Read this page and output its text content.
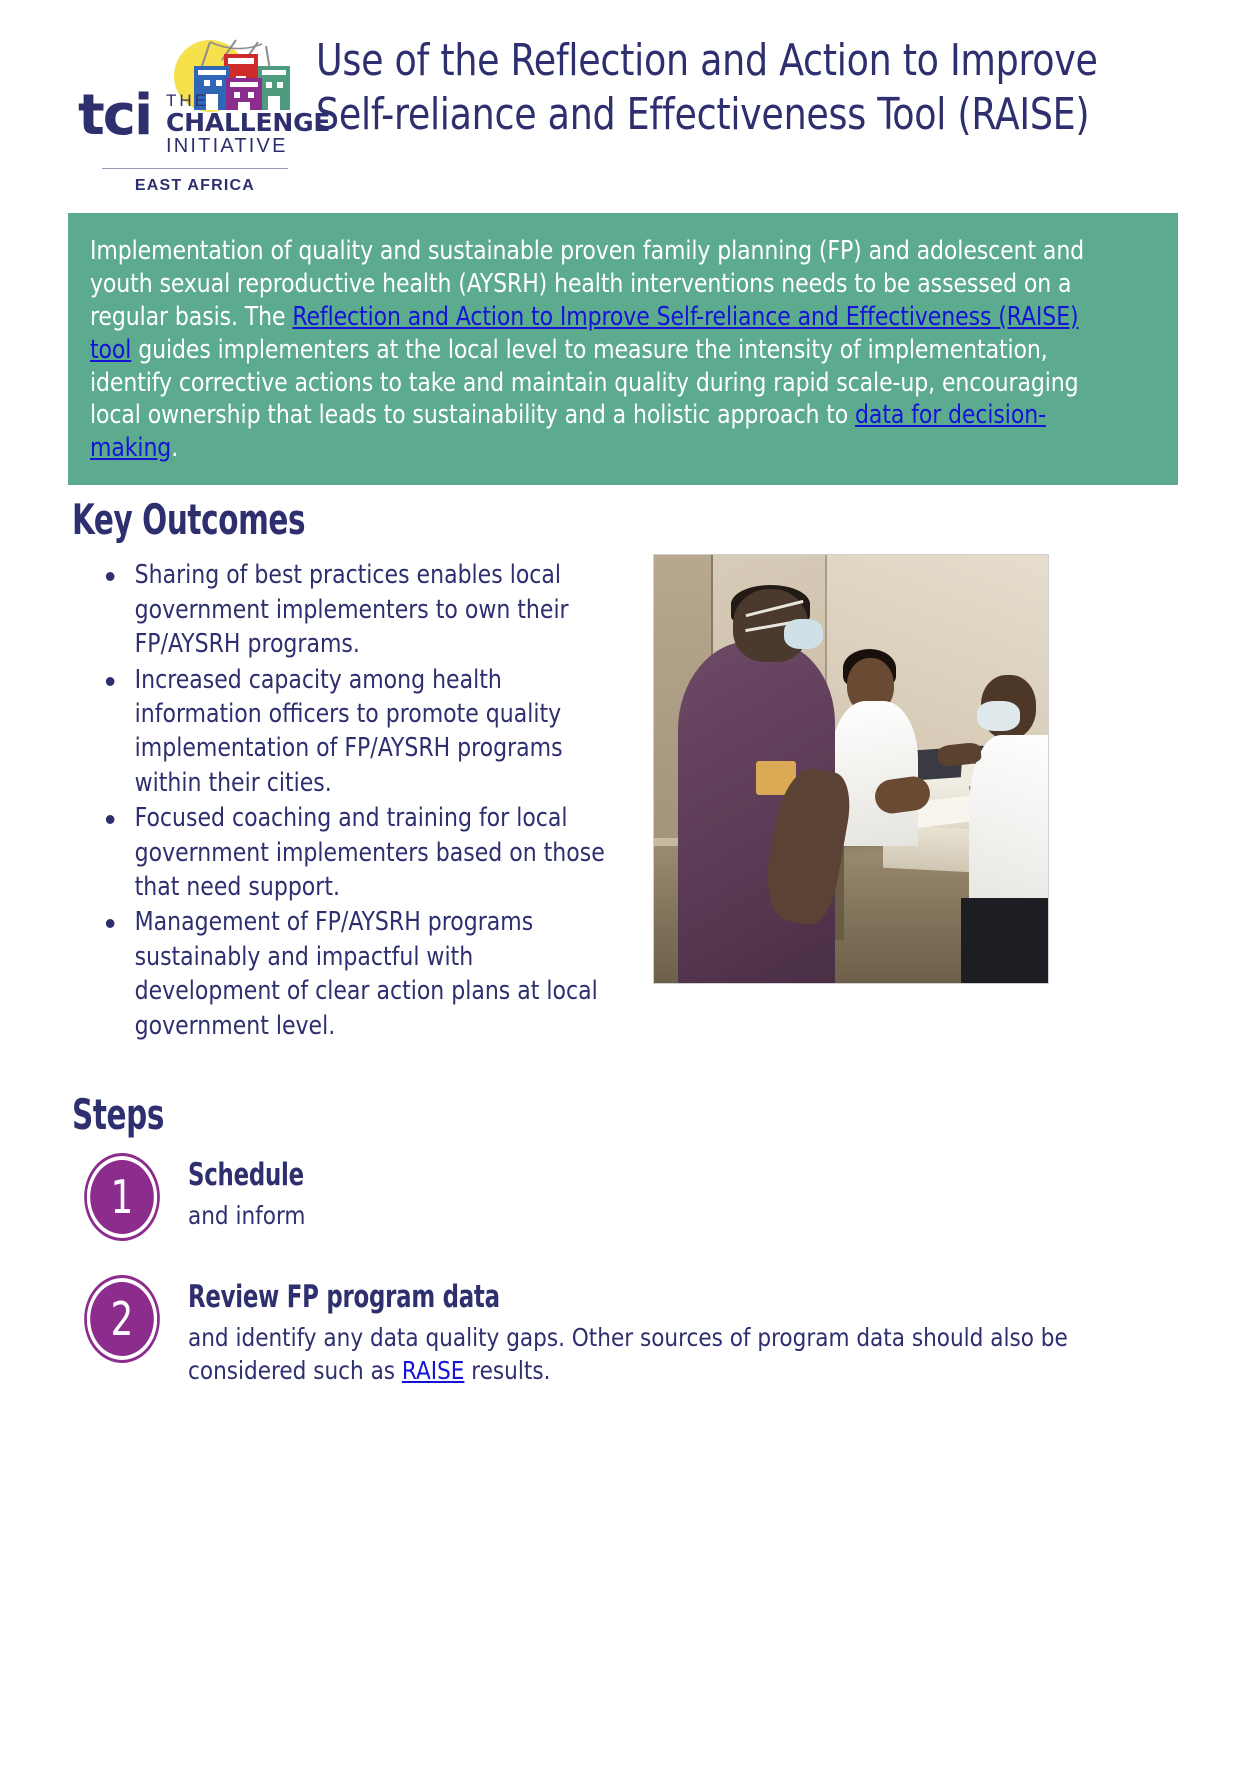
tci THE
CHALLENGE
INITIATIVE
EAST AFRICA
Use of the Reflection and Action to Improve Self-reliance and Effectiveness Tool (RAISE)

Implementation of quality and sustainable proven family planning (FP) and adolescent and youth sexual reproductive health (AYSRH) health interventions needs to be assessed on a regular basis. The Reflection and Action to Improve Self-reliance and Effectiveness (RAISE) tool guides implementers at the local level to measure the intensity of implementation, identify corrective actions to take and maintain quality during rapid scale-up, encouraging local ownership that leads to sustainability and a holistic approach to data for decision-making.

Key Outcomes
Sharing of best practices enables local government implementers to own their FP/AYSRH programs.
Increased capacity among health information officers to promote quality implementation of FP/AYSRH programs within their cities.
Focused coaching and training for local government implementers based on those that need support.
Management of FP/AYSRH programs sustainably and impactful with development of clear action plans at local government level.
Steps
1	Schedule
and inform
2	Review FP program data
and identify any data quality gaps. Other sources of program data should also be considered such as RAISE results.
